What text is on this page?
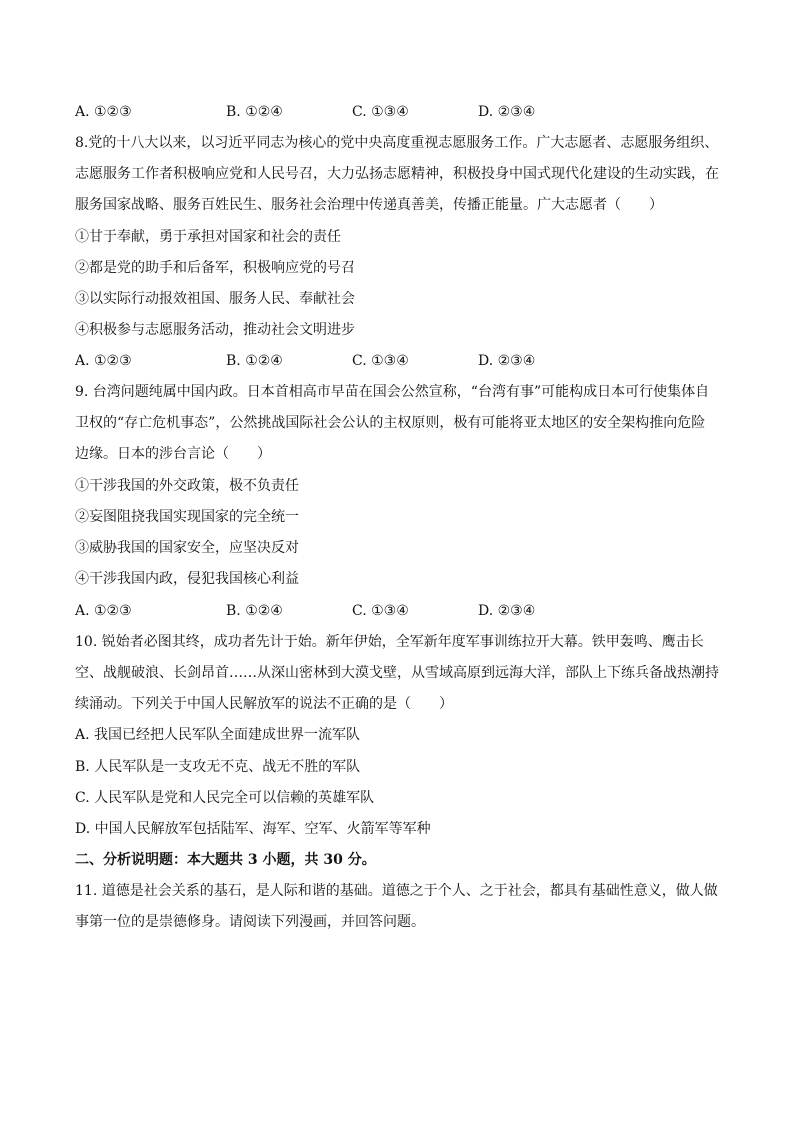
A. ①②③	B. ①②④	C. ①③④	D. ②③④
8.党的十八大以来，以习近平同志为核心的党中央高度重视志愿服务工作。广大志愿者、志愿服务组织、
志愿服务工作者积极响应党和人民号召，大力弘扬志愿精神，积极投身中国式现代化建设的生动实践，在
服务国家战略、服务百姓民生、服务社会治理中传递真善美，传播正能量。广大志愿者（　　）
①甘于奉献，勇于承担对国家和社会的责任
②都是党的助手和后备军，积极响应党的号召
③以实际行动报效祖国、服务人民、奉献社会
④积极参与志愿服务活动，推动社会文明进步
A. ①②③	B. ①②④	C. ①③④	D. ②③④
9. 台湾问题纯属中国内政。日本首相高市早苗在国会公然宣称，“台湾有事”可能构成日本可行使集体自
卫权的“存亡危机事态”，公然挑战国际社会公认的主权原则，极有可能将亚太地区的安全架构推向危险
边缘。日本的涉台言论（　　）
①干涉我国的外交政策，极不负责任
②妄图阻挠我国实现国家的完全统一
③威胁我国的国家安全，应坚决反对
④干涉我国内政，侵犯我国核心利益
A. ①②③	B. ①②④	C. ①③④	D. ②③④
10. 锐始者必图其终，成功者先计于始。新年伊始，全军新年度军事训练拉开大幕。铁甲轰鸣、鹰击长
空、战舰破浪、长剑昂首……从深山密林到大漠戈壁，从雪域高原到远海大洋，部队上下练兵备战热潮持
续涌动。下列关于中国人民解放军的说法不正确的是（　　）
A. 我国已经把人民军队全面建成世界一流军队
B. 人民军队是一支攻无不克、战无不胜的军队
C. 人民军队是党和人民完全可以信赖的英雄军队
D. 中国人民解放军包括陆军、海军、空军、火箭军等军种
二、分析说明题：本大题共 3 小题，共 30 分。
11. 道德是社会关系的基石，是人际和谐的基础。道德之于个人、之于社会，都具有基础性意义，做人做
事第一位的是崇德修身。请阅读下列漫画，并回答问题。
